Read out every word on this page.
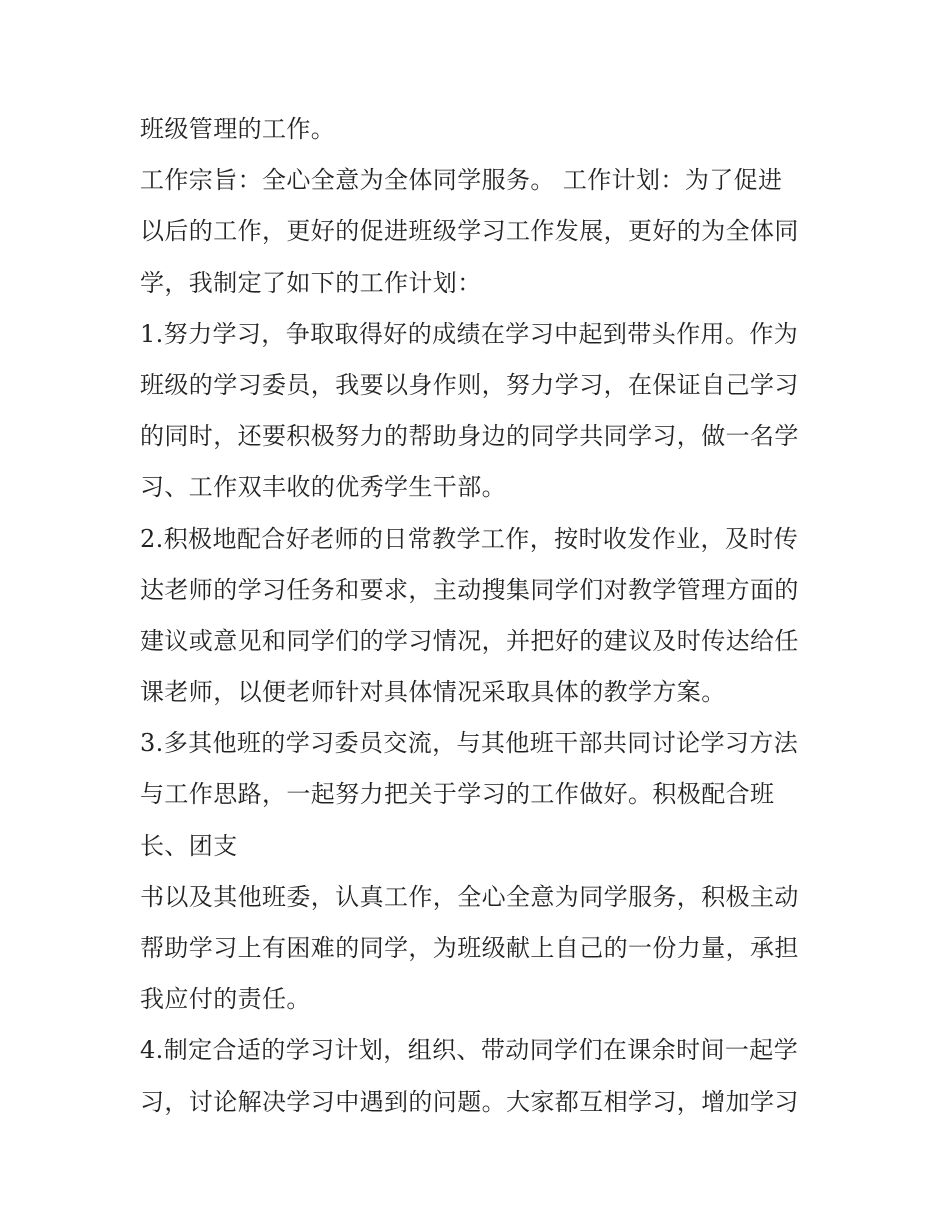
班级管理的工作。
工作宗旨：全心全意为全体同学服务。 工作计划：为了促进
以后的工作，更好的促进班级学习工作发展，更好的为全体同
学，我制定了如下的工作计划：
1.努力学习，争取取得好的成绩在学习中起到带头作用。作为
班级的学习委员，我要以身作则，努力学习，在保证自己学习
的同时，还要积极努力的帮助身边的同学共同学习，做一名学
习、工作双丰收的优秀学生干部。
2.积极地配合好老师的日常教学工作，按时收发作业，及时传
达老师的学习任务和要求，主动搜集同学们对教学管理方面的
建议或意见和同学们的学习情况，并把好的建议及时传达给任
课老师，以便老师针对具体情况采取具体的教学方案。
3.多其他班的学习委员交流，与其他班干部共同讨论学习方法
与工作思路，一起努力把关于学习的工作做好。积极配合班
长、团支
书以及其他班委，认真工作，全心全意为同学服务，积极主动
帮助学习上有困难的同学，为班级献上自己的一份力量，承担
我应付的责任。
4.制定合适的学习计划，组织、带动同学们在课余时间一起学
习，讨论解决学习中遇到的问题。大家都互相学习，增加学习
